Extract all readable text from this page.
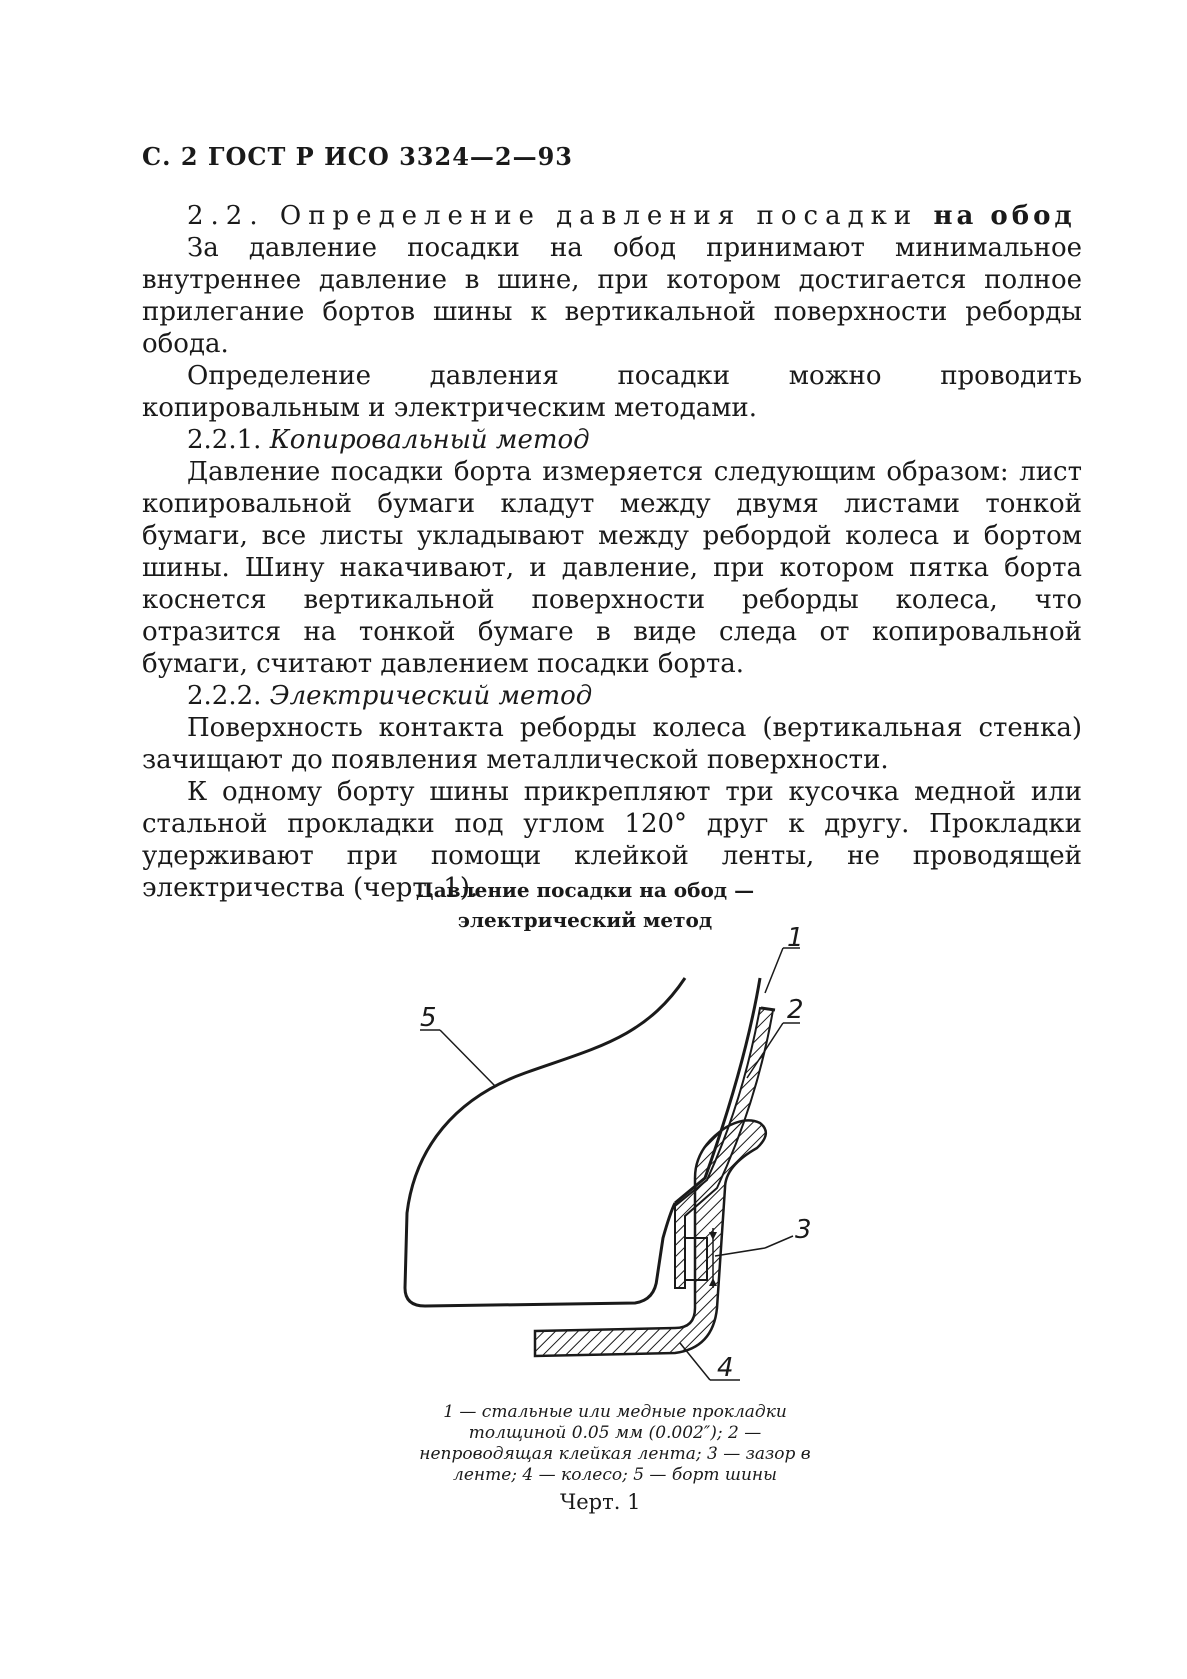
С. 2 ГОСТ Р ИСО 3324—2—93

2.2. Определение давления посадки на обод

За давление посадки на обод принимают минимальное внутреннее давление в шине, при котором достигается полное прилегание бортов шины к вертикальной поверхности реборды обода.

Определение давления посадки можно проводить копировальным и электрическим методами.

2.2.1. Копировальный метод

Давление посадки борта измеряется следующим образом: лист копировальной бумаги кладут между двумя листами тонкой бумаги, все листы укладывают между ребордой колеса и бортом шины. Шину накачивают, и давление, при котором пятка борта коснется вертикальной поверхности реборды колеса, что отразится на тонкой бумаге в виде следа от копировальной бумаги, считают давлением посадки борта.

2.2.2. Электрический метод

Поверхность контакта реборды колеса (вертикальная стенка) зачищают до появления металлической поверхности.

К одному борту шины прикрепляют три кусочка медной или стальной прокладки под углом 120° друг к другу. Прокладки удерживают при помощи клейкой ленты, не проводящей электричества (черт. 1).

Давление посадки на обод —
электрический метод
1
2
3
4
5
1 — стальные или медные прокладки толщиной 0.05 мм (0.002″); 2 — непроводящая клейкая лента; 3 — зазор в ленте; 4 — колесо; 5 — борт шины
Черт. 1
